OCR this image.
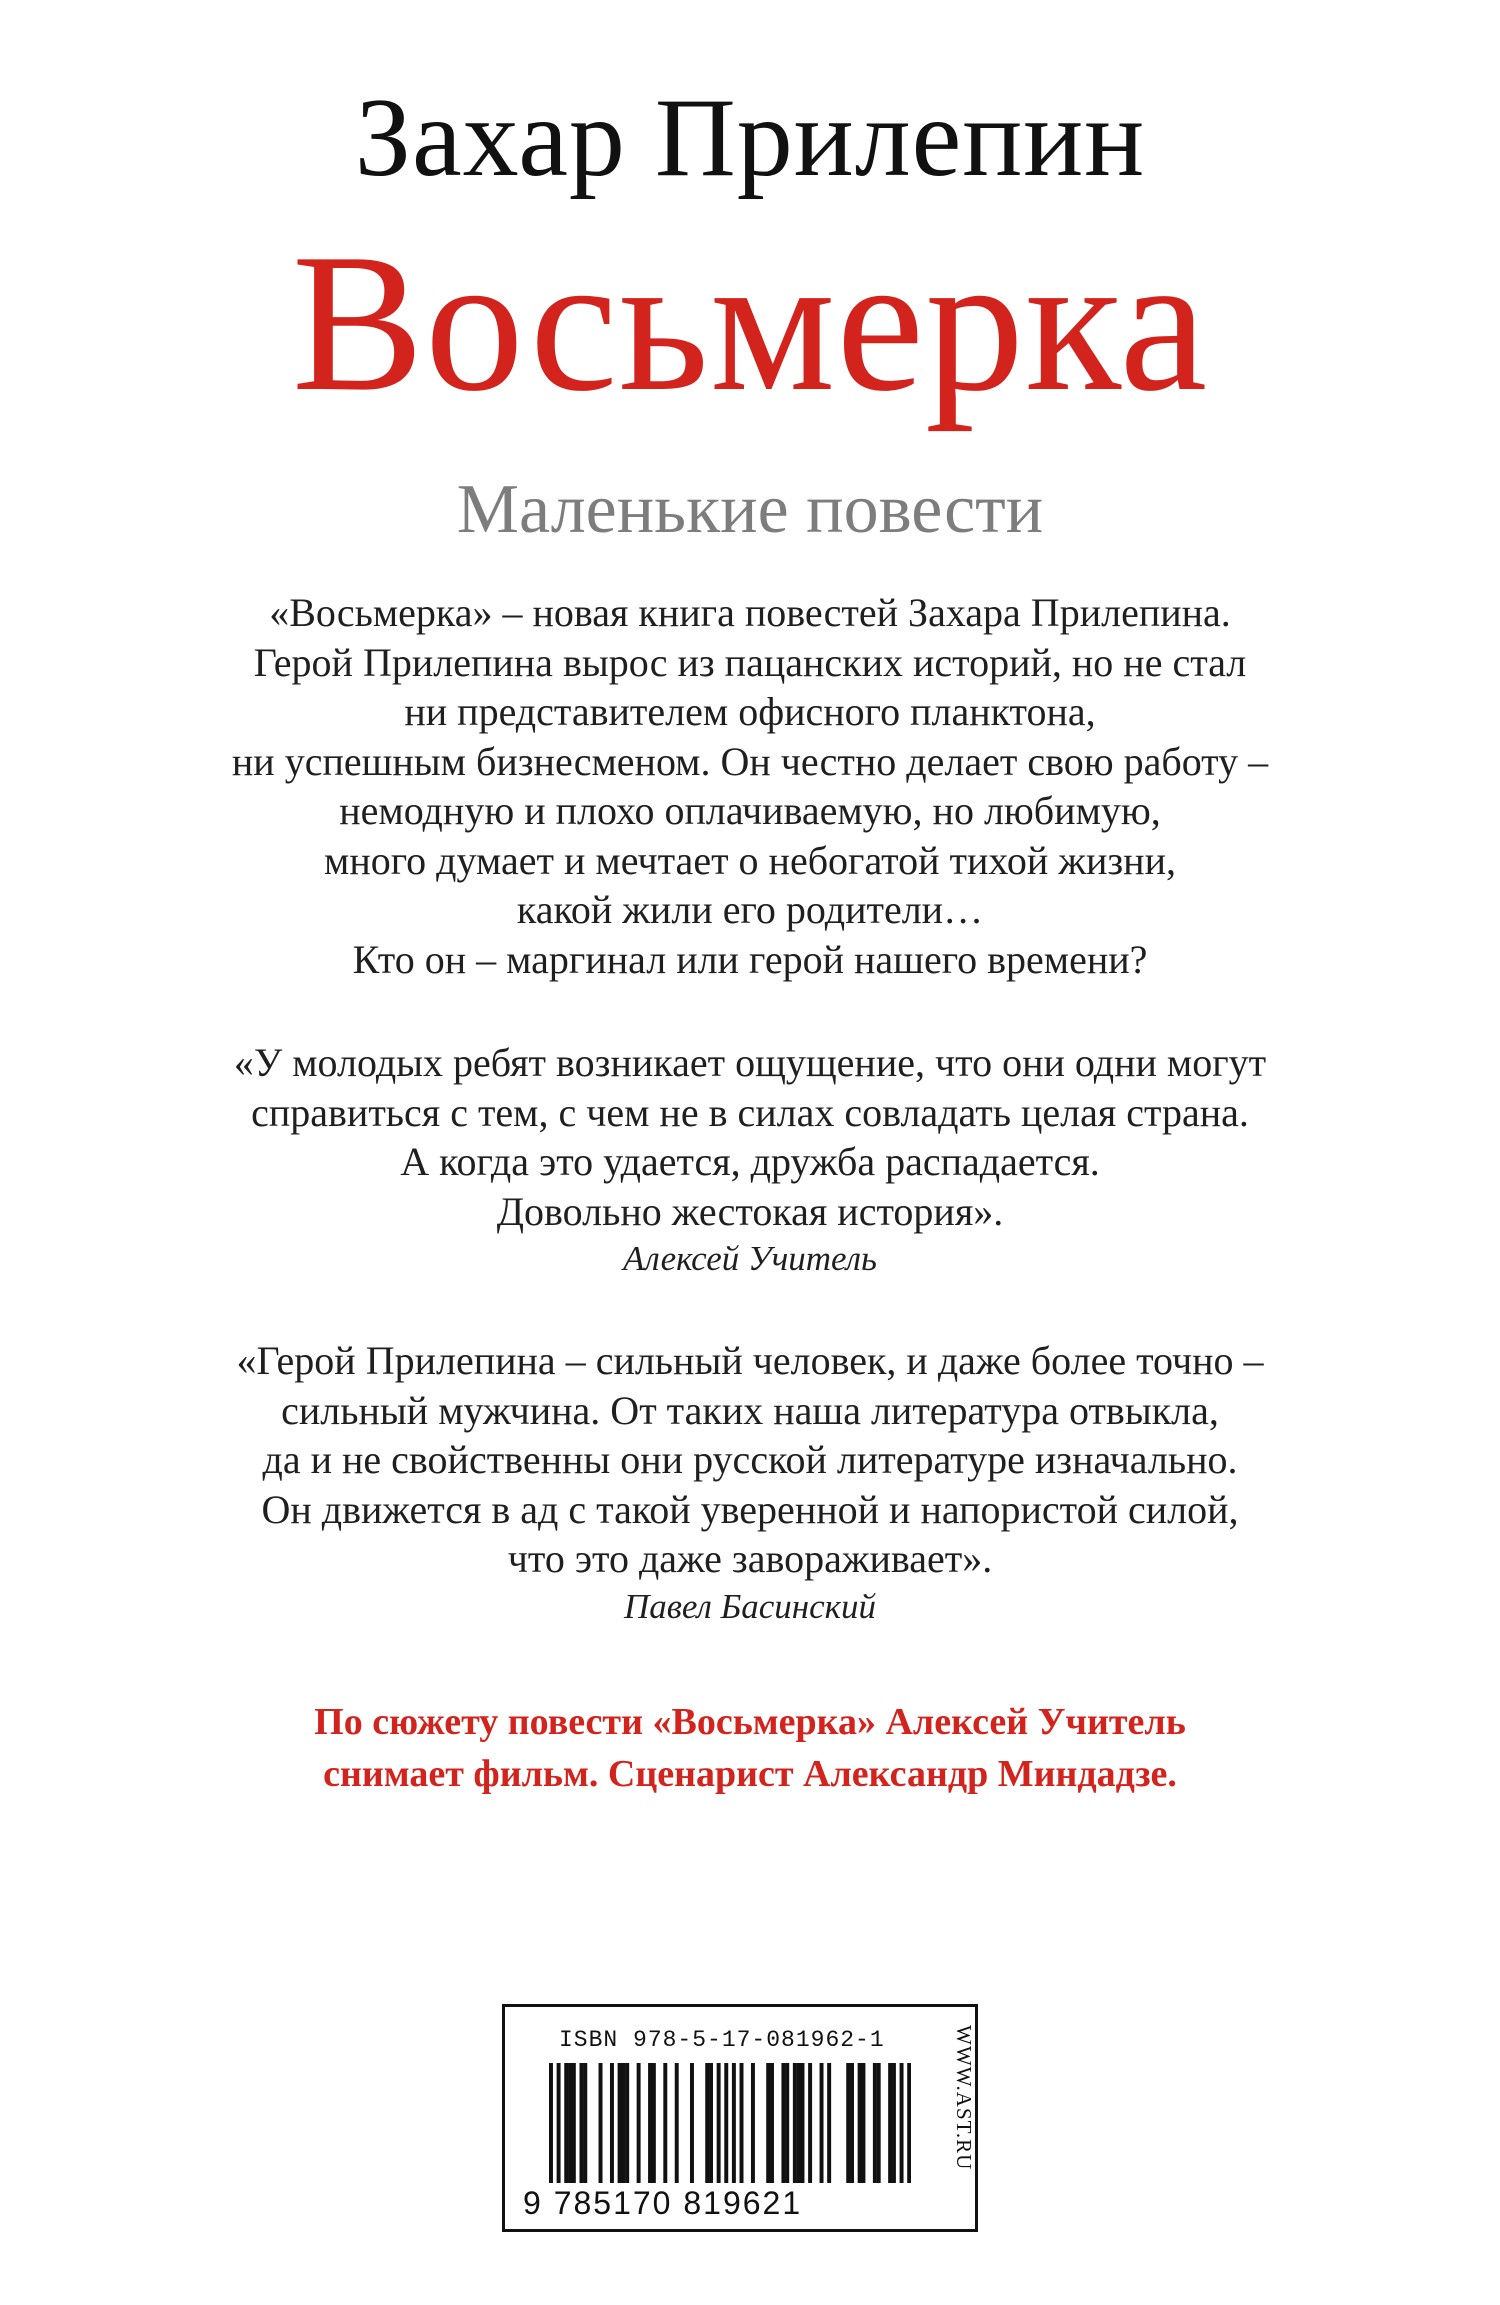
Захар Прилепин
Восьмерка
Маленькие повести
«Восьмерка» – новая книга повестей Захара Прилепина.
Герой Прилепина вырос из пацанских историй, но не стал
ни представителем офисного планктона,
ни успешным бизнесменом. Он честно делает свою работу –
немодную и плохо оплачиваемую, но любимую,
много думает и мечтает о небогатой тихой жизни,
какой жили его родители…
Кто он – маргинал или герой нашего времени?
«У молодых ребят возникает ощущение, что они одни могут
справиться с тем, с чем не в силах совладать целая страна.
А когда это удается, дружба распадается.
Довольно жестокая история».
Алексей Учитель
«Герой Прилепина – сильный человек, и даже более точно –
сильный мужчина. От таких наша литература отвыкла,
да и не свойственны они русской литературе изначально.
Он движется в ад с такой уверенной и напористой силой,
что это даже завораживает».
Павел Басинский
По сюжету повести «Восьмерка» Алексей Учитель
снимает фильм. Сценарист Александр Миндадзе.
ISBN 978-5-17-081962-1
9 785170 819621
WWW.AST.RU
